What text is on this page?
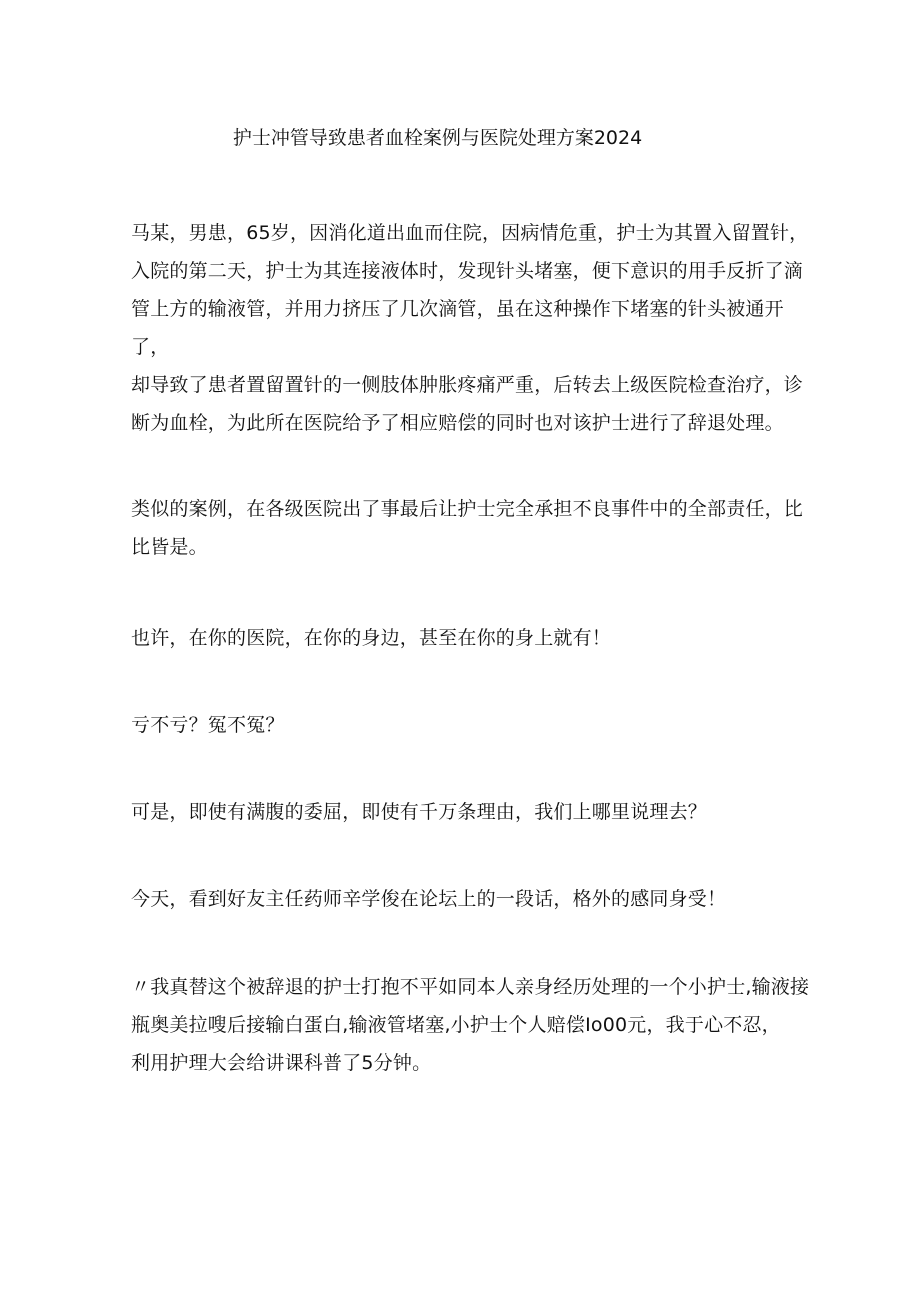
护士冲管导致患者血栓案例与医院处理方案2024

马某，男患，65岁，因消化道出血而住院，因病情危重，护士为其置入留置针，
入院的第二天，护士为其连接液体时，发现针头堵塞，便下意识的用手反折了滴
管上方的输液管，并用力挤压了几次滴管，虽在这种操作下堵塞的针头被通开了，
却导致了患者置留置针的一侧肢体肿胀疼痛严重，后转去上级医院检查治疗，诊
断为血栓，为此所在医院给予了相应赔偿的同时也对该护士进行了辞退处理。

类似的案例，在各级医院出了事最后让护士完全承担不良事件中的全部责任，比
比皆是。

也许，在你的医院，在你的身边，甚至在你的身上就有！

亏不亏？冤不冤？

可是，即使有满腹的委屈，即使有千万条理由，我们上哪里说理去？

今天，看到好友主任药师辛学俊在论坛上的一段话，格外的感同身受！

〃我真替这个被辞退的护士打抱不平如同本人亲身经历处理的一个小护士,输液接
瓶奥美拉嗖后接输白蛋白,输液管堵塞,小护士个人赔偿Io00元，我于心不忍，
利用护理大会给讲课科普了5分钟。
